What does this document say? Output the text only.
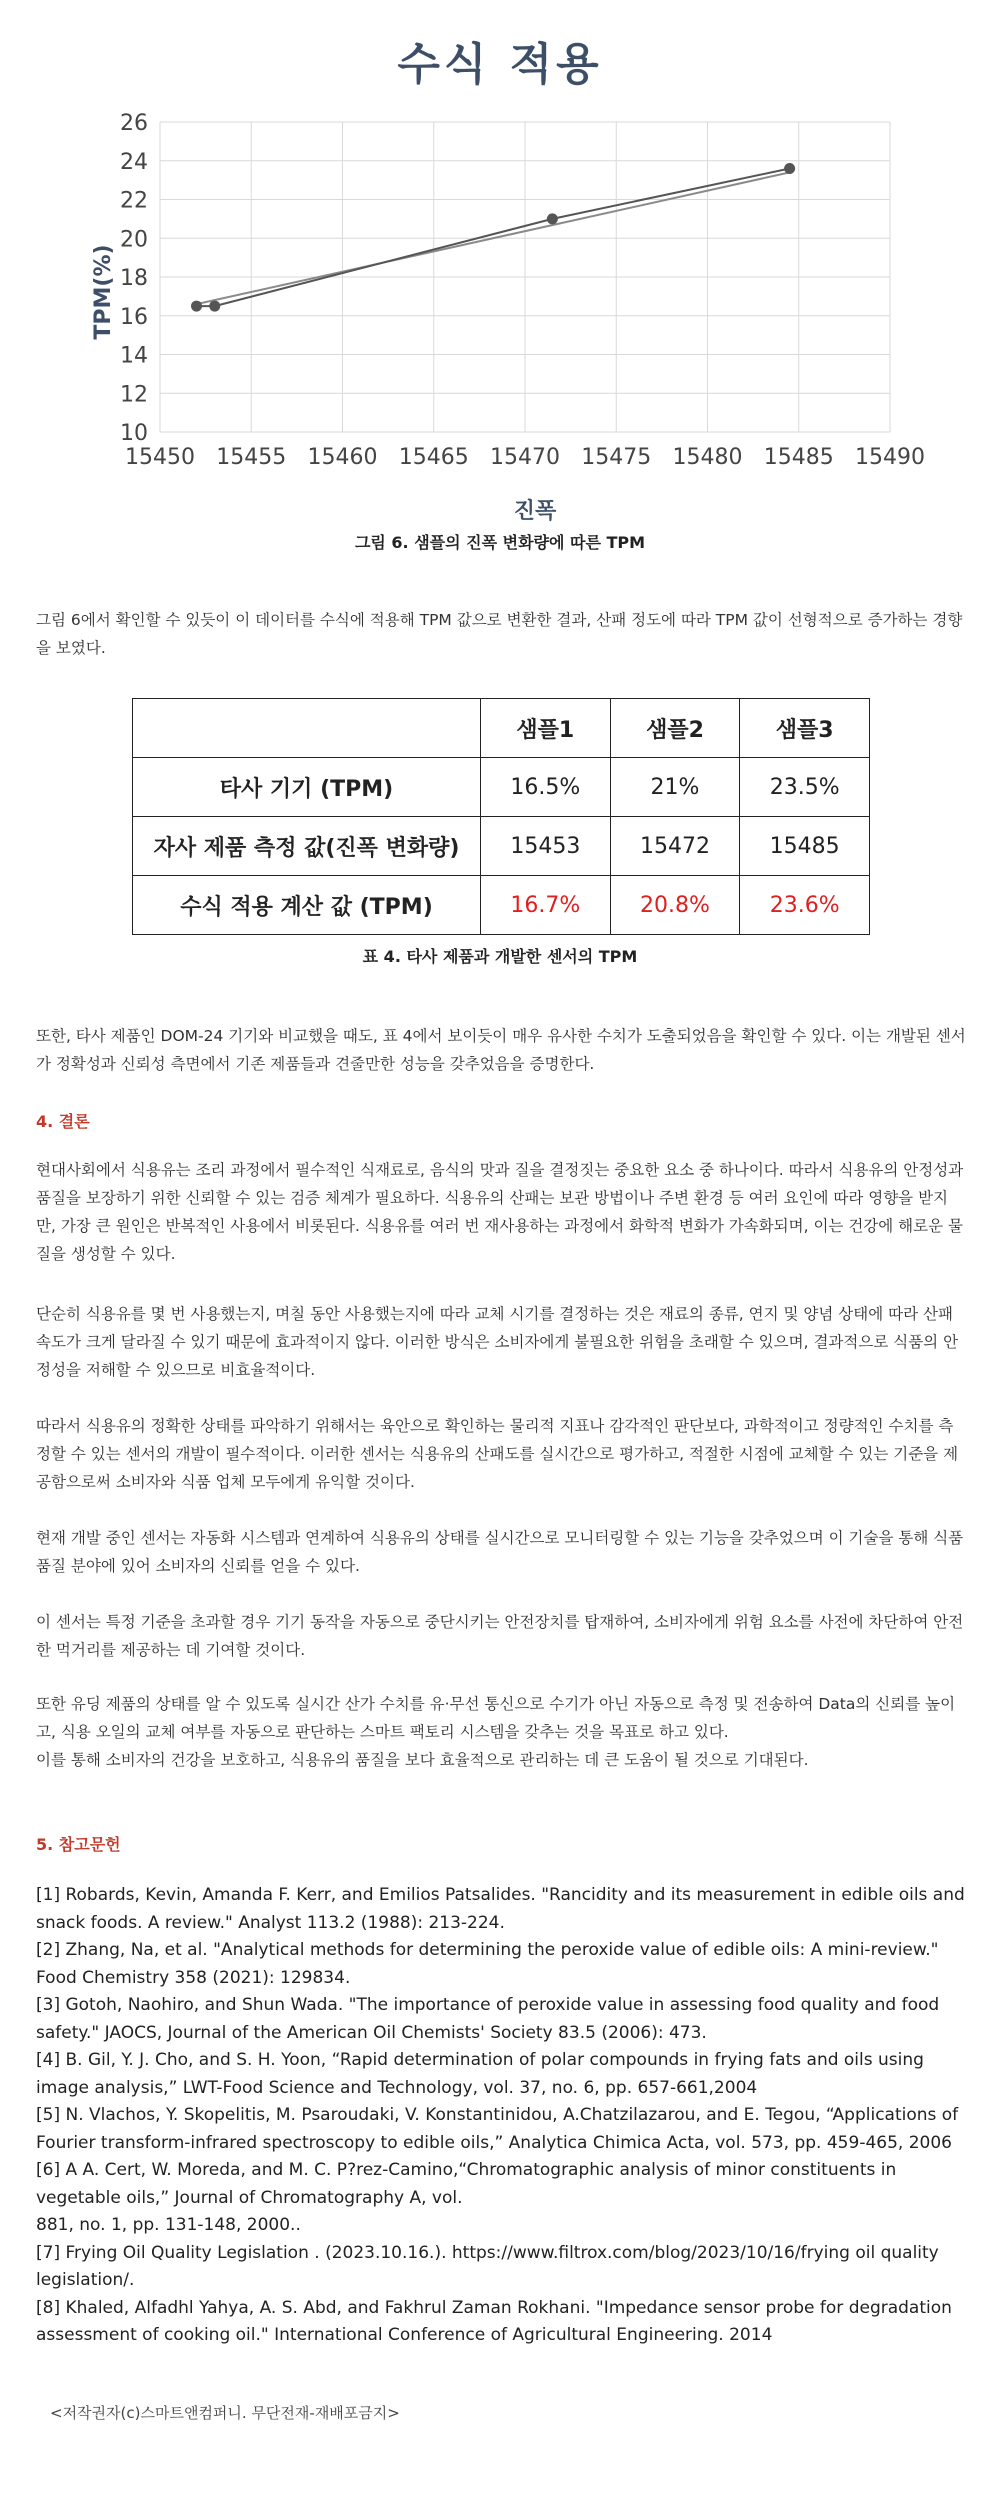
수식 적용
10
12
14
16
18
20
22
24
26
15450 15455 15460 15465 15470 15475 15480 15485 15490
TPM(%)
진폭
그림 6. 샘플의 진폭 변화량에 따른 TPM
그림 6에서 확인할 수 있듯이 이 데이터를 수식에 적용해 TPM 값으로 변환한 결과, 산패 정도에 따라 TPM 값이 선형적으로 증가하는 경향을 보였다.
	샘플1	샘플2	샘플3
타사 기기 (TPM)	16.5%	21%	23.5%
자사 제품 측정 값(진폭 변화량)	15453	15472	15485
수식 적용 계산 값 (TPM)	16.7%	20.8%	23.6%
표 4. 타사 제품과 개발한 센서의 TPM
또한, 타사 제품인 DOM-24 기기와 비교했을 때도, 표 4에서 보이듯이 매우 유사한 수치가 도출되었음을 확인할 수 있다. 이는 개발된 센서가 정확성과 신뢰성 측면에서 기존 제품들과 견줄만한 성능을 갖추었음을 증명한다.
4. 결론
현대사회에서 식용유는 조리 과정에서 필수적인 식재료로, 음식의 맛과 질을 결정짓는 중요한 요소 중 하나이다. 따라서 식용유의 안정성과 품질을 보장하기 위한 신뢰할 수 있는 검증 체계가 필요하다. 식용유의 산패는 보관 방법이나 주변 환경 등 여러 요인에 따라 영향을 받지만, 가장 큰 원인은 반복적인 사용에서 비롯된다. 식용유를 여러 번 재사용하는 과정에서 화학적 변화가 가속화되며, 이는 건강에 해로운 물질을 생성할 수 있다.
단순히 식용유를 몇 번 사용했는지, 며칠 동안 사용했는지에 따라 교체 시기를 결정하는 것은 재료의 종류, 연지 및 양념 상태에 따라 산패 속도가 크게 달라질 수 있기 때문에 효과적이지 않다. 이러한 방식은 소비자에게 불필요한 위험을 초래할 수 있으며, 결과적으로 식품의 안정성을 저해할 수 있으므로 비효율적이다.
따라서 식용유의 정확한 상태를 파악하기 위해서는 육안으로 확인하는 물리적 지표나 감각적인 판단보다, 과학적이고 정량적인 수치를 측정할 수 있는 센서의 개발이 필수적이다. 이러한 센서는 식용유의 산패도를 실시간으로 평가하고, 적절한 시점에 교체할 수 있는 기준을 제공함으로써 소비자와 식품 업체 모두에게 유익할 것이다.
현재 개발 중인 센서는 자동화 시스템과 연계하여 식용유의 상태를 실시간으로 모니터링할 수 있는 기능을 갖추었으며 이 기술을 통해 식품 품질 분야에 있어 소비자의 신뢰를 얻을 수 있다.
이 센서는 특정 기준을 초과할 경우 기기 동작을 자동으로 중단시키는 안전장치를 탑재하여, 소비자에게 위험 요소를 사전에 차단하여 안전한 먹거리를 제공하는 데 기여할 것이다.
또한 유딩 제품의 상태를 알 수 있도록 실시간 산가 수치를 유·무선 통신으로 수기가 아닌 자동으로 측정 및 전송하여 Data의 신뢰를 높이고, 식용 오일의 교체 여부를 자동으로 판단하는 스마트 팩토리 시스템을 갖추는 것을 목표로 하고 있다.
이를 통해 소비자의 건강을 보호하고, 식용유의 품질을 보다 효율적으로 관리하는 데 큰 도움이 될 것으로 기대된다.
5. 참고문헌
[1] Robards, Kevin, Amanda F. Kerr, and Emilios Patsalides. "Rancidity and its measurement in edible oils and snack foods. A review." Analyst 113.2 (1988): 213-224.
[2] Zhang, Na, et al. "Analytical methods for determining the peroxide value of edible oils: A mini-review." Food Chemistry 358 (2021): 129834.
[3] Gotoh, Naohiro, and Shun Wada. "The importance of peroxide value in assessing food quality and food safety." JAOCS, Journal of the American Oil Chemists' Society 83.5 (2006): 473.
[4] B. Gil, Y. J. Cho, and S. H. Yoon, “Rapid determination of polar compounds in frying fats and oils using image analysis,” LWT-Food Science and Technology, vol. 37, no. 6, pp. 657-661,2004
[5] N. Vlachos, Y. Skopelitis, M. Psaroudaki, V. Konstantinidou, A.Chatzilazarou, and E. Tegou, “Applications of Fourier transform-infrared spectroscopy to edible oils,” Analytica Chimica Acta, vol. 573, pp. 459-465, 2006
[6] A A. Cert, W. Moreda, and M. C. P?rez-Camino,“Chromatographic analysis of minor constituents in vegetable oils,” Journal of Chromatography A, vol.
881, no. 1, pp. 131-148, 2000..
[7] Frying Oil Quality Legislation . (2023.10.16.). https://www.filtrox.com/blog/2023/10/16/frying oil quality legislation/.
[8] Khaled, Alfadhl Yahya, A. S. Abd, and Fakhrul Zaman Rokhani. "Impedance sensor probe for degradation assessment of cooking oil." International Conference of Agricultural Engineering. 2014
<저작권자(c)스마트앤컴퍼니. 무단전재-재배포금지>
